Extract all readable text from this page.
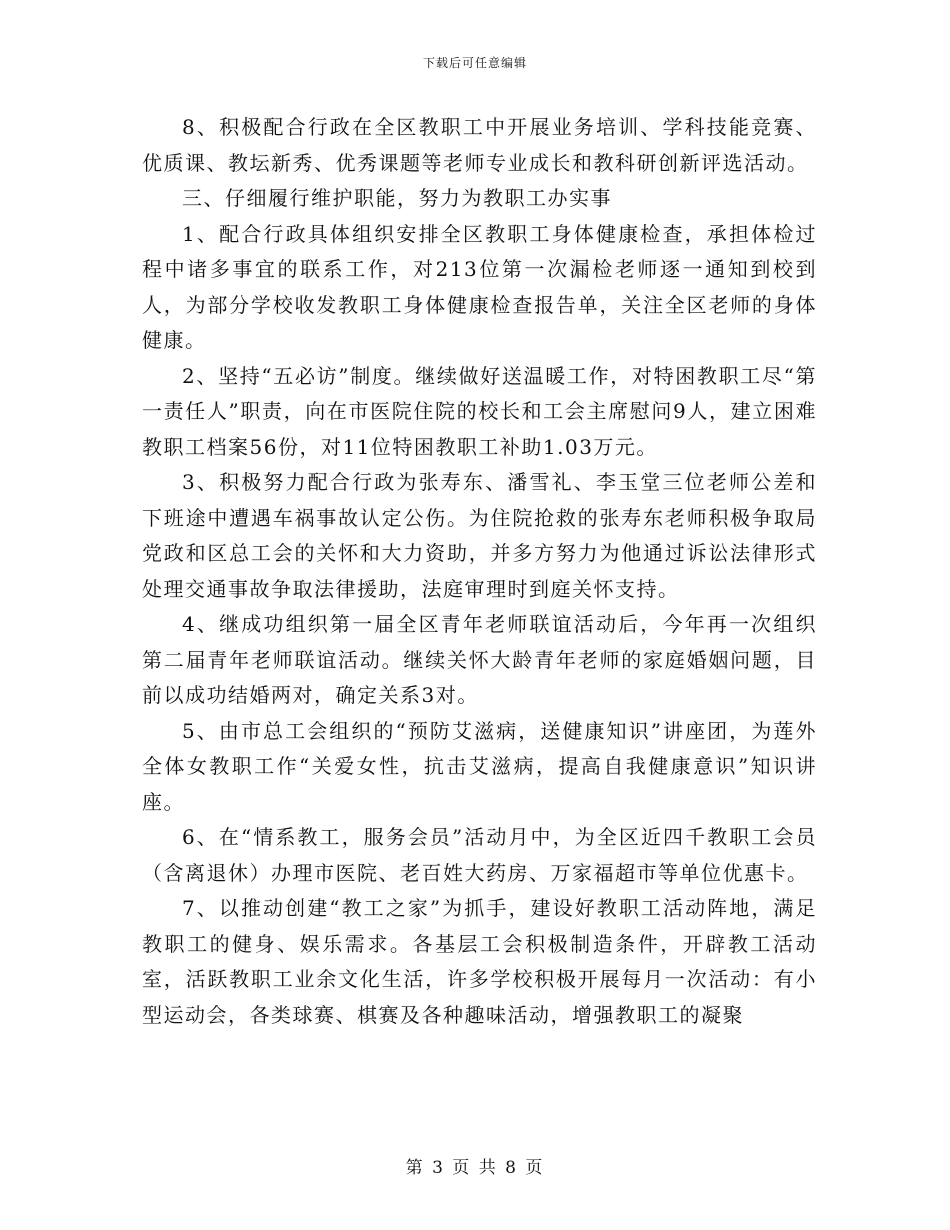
下载后可任意编辑

8、积极配合行政在全区教职工中开展业务培训、学科技能竞赛、优质课、教坛新秀、优秀课题等老师专业成长和教科研创新评选活动。

三、仔细履行维护职能，努力为教职工办实事

1、配合行政具体组织安排全区教职工身体健康检查，承担体检过程中诸多事宜的联系工作，对213位第一次漏检老师逐一通知到校到人，为部分学校收发教职工身体健康检查报告单，关注全区老师的身体健康。

2、坚持“五必访”制度。继续做好送温暖工作，对特困教职工尽“第一责任人”职责，向在市医院住院的校长和工会主席慰问9人，建立困难教职工档案56份，对11位特困教职工补助1.03万元。

3、积极努力配合行政为张寿东、潘雪礼、李玉堂三位老师公差和下班途中遭遇车祸事故认定公伤。为住院抢救的张寿东老师积极争取局党政和区总工会的关怀和大力资助，并多方努力为他通过诉讼法律形式处理交通事故争取法律援助，法庭审理时到庭关怀支持。

4、继成功组织第一届全区青年老师联谊活动后，今年再一次组织第二届青年老师联谊活动。继续关怀大龄青年老师的家庭婚姻问题，目前以成功结婚两对，确定关系3对。

5、由市总工会组织的“预防艾滋病，送健康知识”讲座团，为莲外全体女教职工作“关爱女性，抗击艾滋病，提高自我健康意识”知识讲座。

6、在“情系教工，服务会员”活动月中，为全区近四千教职工会员（含离退休）办理市医院、老百姓大药房、万家福超市等单位优惠卡。

7、以推动创建“教工之家”为抓手，建设好教职工活动阵地，满足教职工的健身、娱乐需求。各基层工会积极制造条件，开辟教工活动室，活跃教职工业余文化生活，许多学校积极开展每月一次活动：有小型运动会，各类球赛、棋赛及各种趣味活动，增强教职工的凝聚

第 3 页 共 8 页
